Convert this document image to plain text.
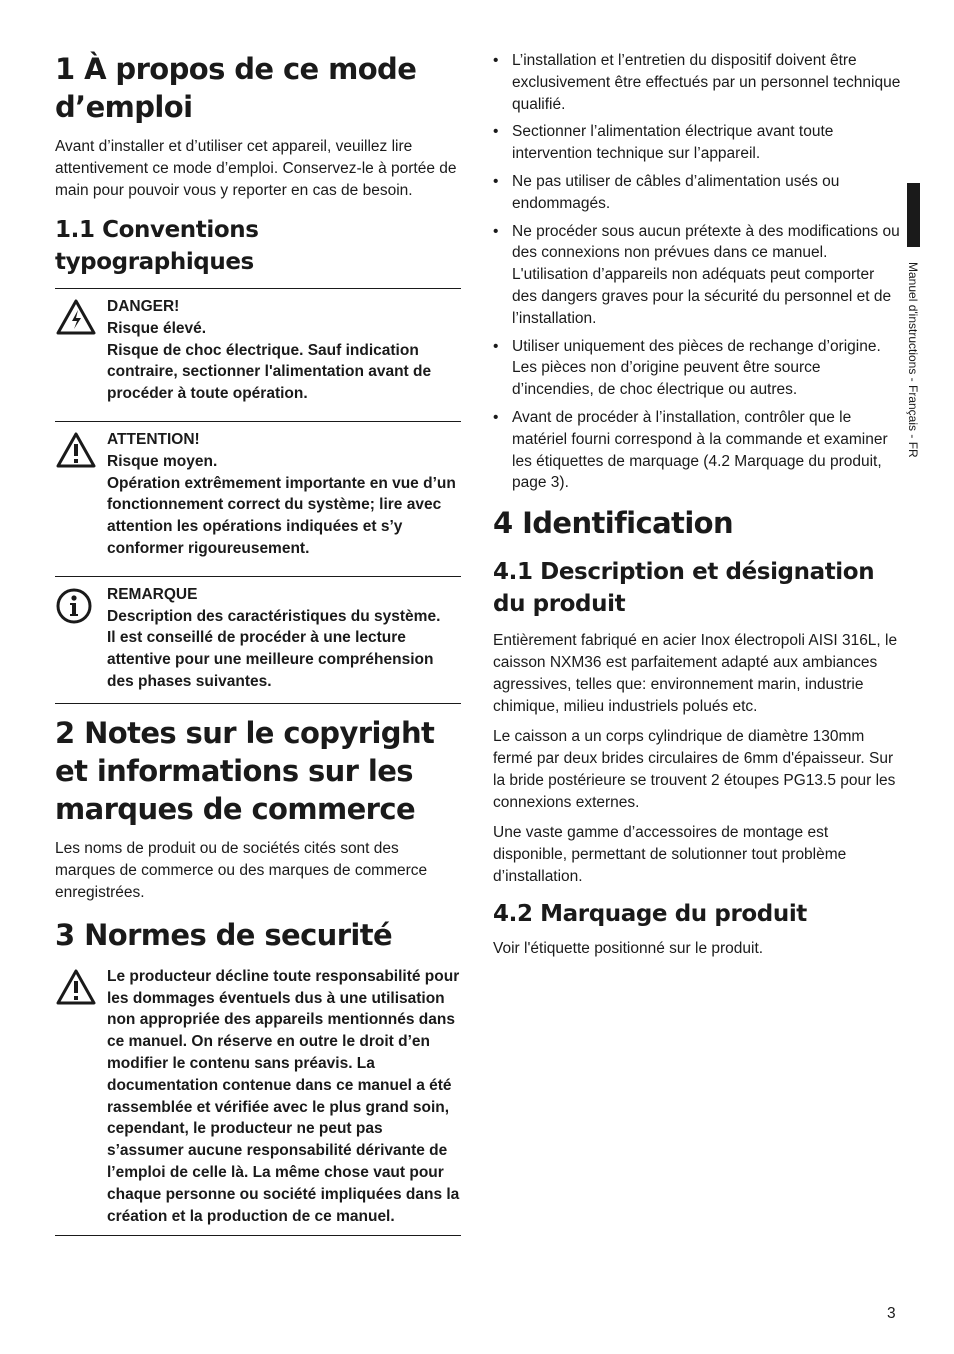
1 À propos de ce mode
d’emploi

Avant d’installer et d’utiliser cet appareil, veuillez lire attentivement ce mode d’emploi. Conservez-le à portée de main pour pouvoir vous y reporter en cas de besoin.

1.1 Conventions typographiques
DANGER!
Risque élevé.
Risque de choc électrique. Sauf indication contraire, sectionner l'alimentation avant de procéder à toute opération.
ATTENTION!
Risque moyen.
Opération extrêmement importante en vue d’un fonctionnement correct du système; lire avec attention les opérations indiquées et s’y conformer rigoureusement.
REMARQUE
Description des caractéristiques du système.
Il est conseillé de procéder à une lecture attentive pour une meilleure compréhension des phases suivantes.
2 Notes sur le copyright
et informations sur les
marques de commerce

Les noms de produit ou de sociétés cités sont des marques de commerce ou des marques de commerce enregistrées.

3 Normes de securité
Le producteur décline toute responsabilité pour les dommages éventuels dus à une utilisation non appropriée des appareils mentionnés dans ce manuel. On réserve en outre le droit d’en modifier le contenu sans préavis. La documentation contenue dans ce manuel a été rassemblée et vérifiée avec le plus grand soin, cependant, le producteur ne peut pas s’assumer aucune responsabilité dérivante de l’emploi de celle là. La même chose vaut pour chaque personne ou société impliquées dans la création et la production de ce manuel.
• L’installation et l’entretien du dispositif doivent être exclusivement être effectués par un personnel technique qualifié.
• Sectionner l’alimentation électrique avant toute intervention technique sur l’appareil.
• Ne pas utiliser de câbles d’alimentation usés ou endommagés.
• Ne procéder sous aucun prétexte à des modifications ou des connexions non prévues dans ce manuel. L'utilisation d’appareils non adéquats peut comporter des dangers graves pour la sécurité du personnel et de l’installation.
• Utiliser uniquement des pièces de rechange d’origine. Les pièces non d’origine peuvent être source d’incendies, de choc électrique ou autres.
• Avant de procéder à l’installation, contrôler que le matériel fourni correspond à la commande et examiner les étiquettes de marquage (4.2 Marquage du produit, page 3).
4 Identification
4.1 Description et désignation du produit

Entièrement fabriqué en acier Inox électropoli AISI 316L, le caisson NXM36 est parfaitement adapté aux ambiances agressives, telles que: environnement marin, industrie chimique, milieu industriels polués etc.

Le caisson a un corps cylindrique de diamètre 130mm fermé par deux brides circulaires de 6mm d'épaisseur. Sur la bride postérieure se trouvent 2 étoupes PG13.5 pour les connexions externes.

Une vaste gamme d’accessoires de montage est disponible, permettant de solutionner tout problème d’installation.

4.2 Marquage du produit

Voir l'étiquette positionné sur le produit.

Manuel d'instructions - Français - FR
3
